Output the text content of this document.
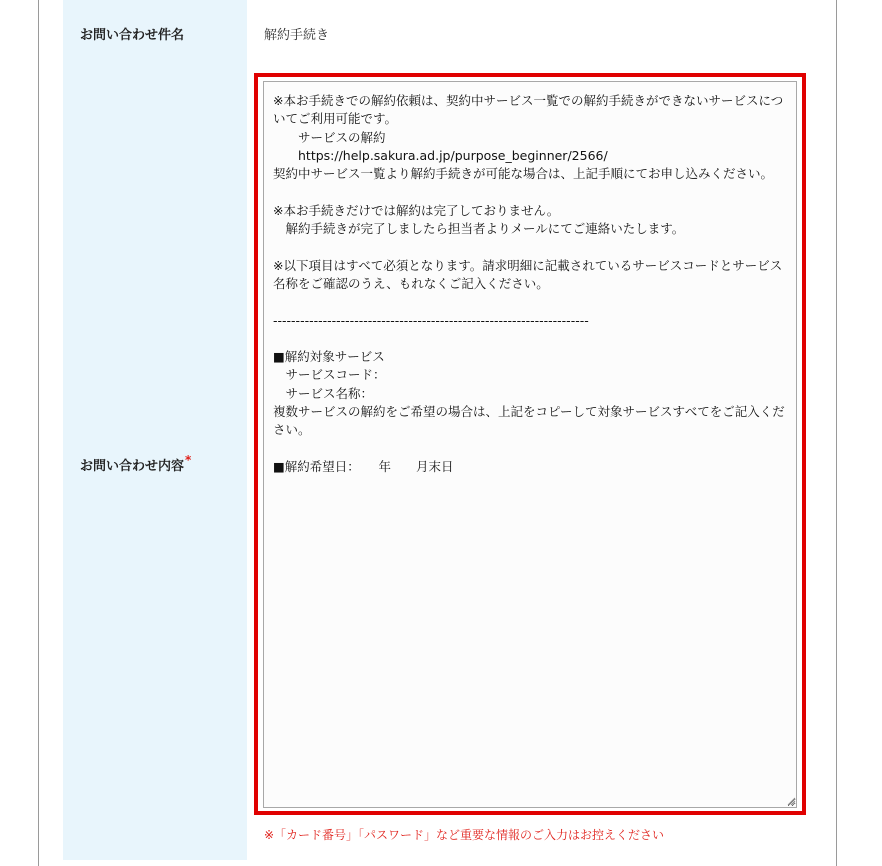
お問い合わせ件名	解約手続き
お問い合わせ内容*
※本お手続きでの解約依頼は、契約中サービス一覧での解約手続きができないサービスについてご利用可能です。 　　サービスの解約 　　https://help.sakura.ad.jp/purpose_beginner/2566/ 契約中サービス一覧より解約手続きが可能な場合は、上記手順にてお申し込みください。 ※本お手続きだけでは解約は完了しておりません。 　解約手続きが完了しましたら担当者よりメールにてご連絡いたします。 ※以下項目はすべて必須となります。請求明細に記載されているサービスコードとサービス名称をご確認のうえ、もれなくご記入ください。 ---------------------------------------------------------------------- ■解約対象サービス 　サービスコード： 　サービス名称： 複数サービスの解約をご希望の場合は、上記をコピーして対象サービスすべてをご記入ください。 ■解約希望日：　　年　　月末日
※「カード番号」「パスワード」など重要な情報のご入力はお控えください
